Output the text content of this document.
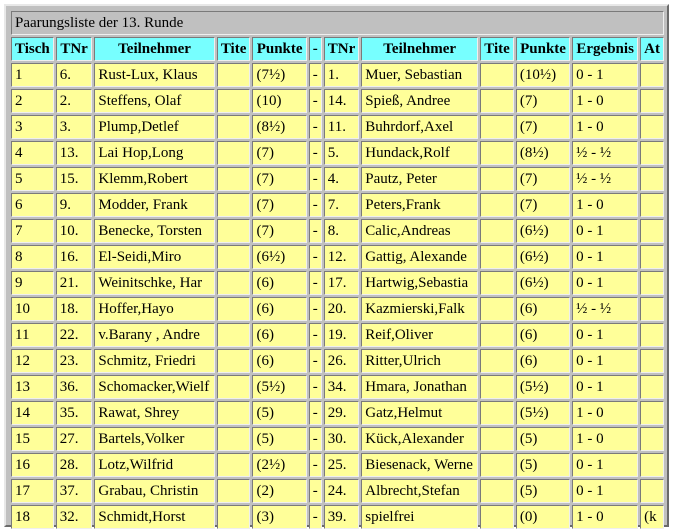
Paarungsliste der 13. Runde											
Tisch	TNr	Teilnehmer	Tite	Punkte	-	TNr	Teilnehmer	Tite	Punkte	Ergebnis	At
1	6.	Rust-Lux, Klaus		(7½)	-	1.	Muer, Sebastian		(10½)	0 - 1	
2	2.	Steffens, Olaf		(10)	-	14.	Spieß, Andree		(7)	1 - 0	
3	3.	Plump,Detlef		(8½)	-	11.	Buhrdorf,Axel		(7)	1 - 0	
4	13.	Lai Hop,Long		(7)	-	5.	Hundack,Rolf		(8½)	½ - ½	
5	15.	Klemm,Robert		(7)	-	4.	Pautz, Peter		(7)	½ - ½	
6	9.	Modder, Frank		(7)	-	7.	Peters,Frank		(7)	1 - 0	
7	10.	Benecke, Torsten		(7)	-	8.	Calic,Andreas		(6½)	0 - 1	
8	16.	El-Seidi,Miro		(6½)	-	12.	Gattig, Alexande		(6½)	0 - 1	
9	21.	Weinitschke, Har		(6)	-	17.	Hartwig,Sebastia		(6½)	0 - 1	
10	18.	Hoffer,Hayo		(6)	-	20.	Kazmierski,Falk		(6)	½ - ½	
11	22.	v.Barany , Andre		(6)	-	19.	Reif,Oliver		(6)	0 - 1	
12	23.	Schmitz, Friedri		(6)	-	26.	Ritter,Ulrich		(6)	0 - 1	
13	36.	Schomacker,Wielf		(5½)	-	34.	Hmara, Jonathan		(5½)	0 - 1	
14	35.	Rawat, Shrey		(5)	-	29.	Gatz,Helmut		(5½)	1 - 0	
15	27.	Bartels,Volker		(5)	-	30.	Kück,Alexander		(5)	1 - 0	
16	28.	Lotz,Wilfrid		(2½)	-	25.	Biesenack, Werne		(5)	0 - 1	
17	37.	Grabau, Christin		(2)	-	24.	Albrecht,Stefan		(5)	0 - 1	
18	32.	Schmidt,Horst		(3)	-	39.	spielfrei		(0)	1 - 0	(k
